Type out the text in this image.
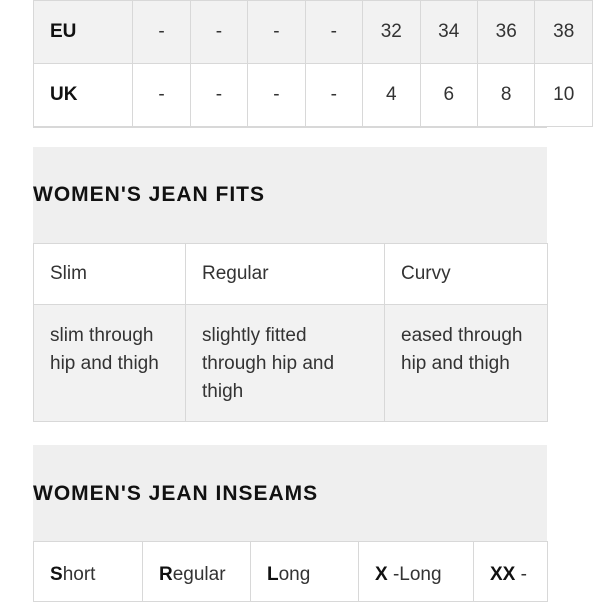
EU	-	-	-	-	32	34	36	38
UK	-	-	-	-	4	6	8	10
WOMEN'S JEAN FITS
Slim	Regular	Curvy
slim through hip and thigh	slightly fitted through hip and thigh	eased through hip and thigh
WOMEN'S JEAN INSEAMS
Short	Regular	Long	X -Long	XX -
